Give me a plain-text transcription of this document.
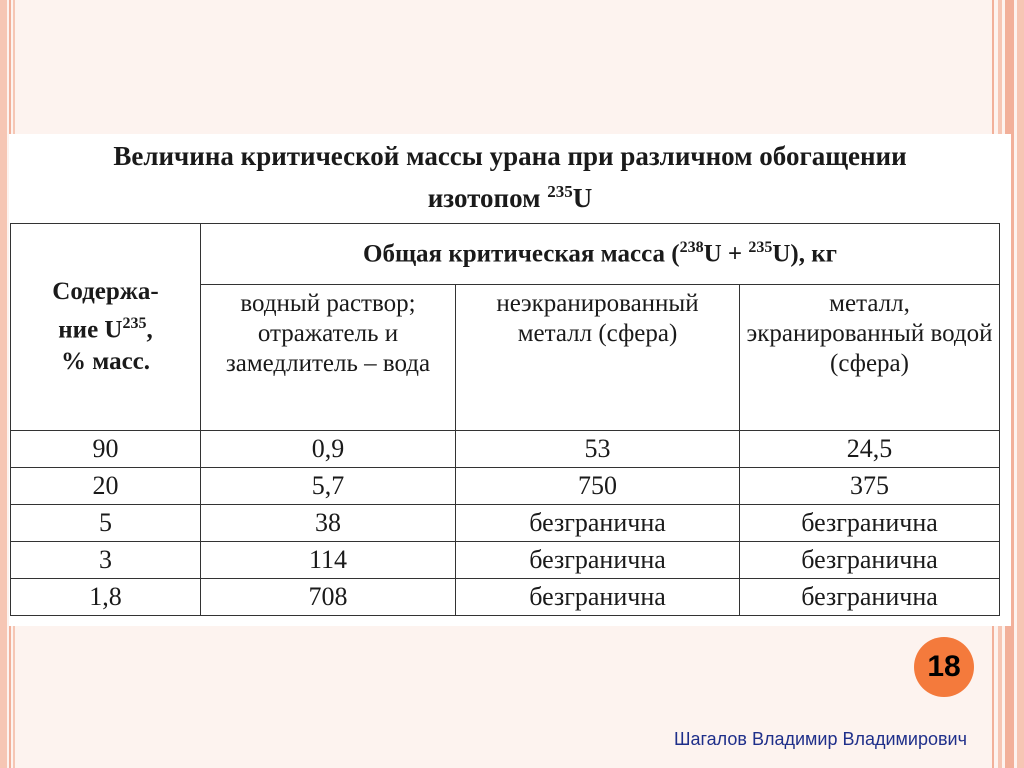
Величина критической массы урана при различном обогащении
изотопом $^{235}$U
Содержа-
ние $U^{235}$,
% масс.	Общая критическая масса ($^{238}$U + $^{235}$U), кг		
	водный раствор; отражатель и замедлитель – вода	неэкранированный металл (сфера)	металл, экранированный водой (сфера)
90	0,9	53	24,5
20	5,7	750	375
5	38	безгранична	безгранична
3	114	безгранична	безгранична
1,8	708	безгранична	безгранична
18
Шагалов Владимир Владимирович
